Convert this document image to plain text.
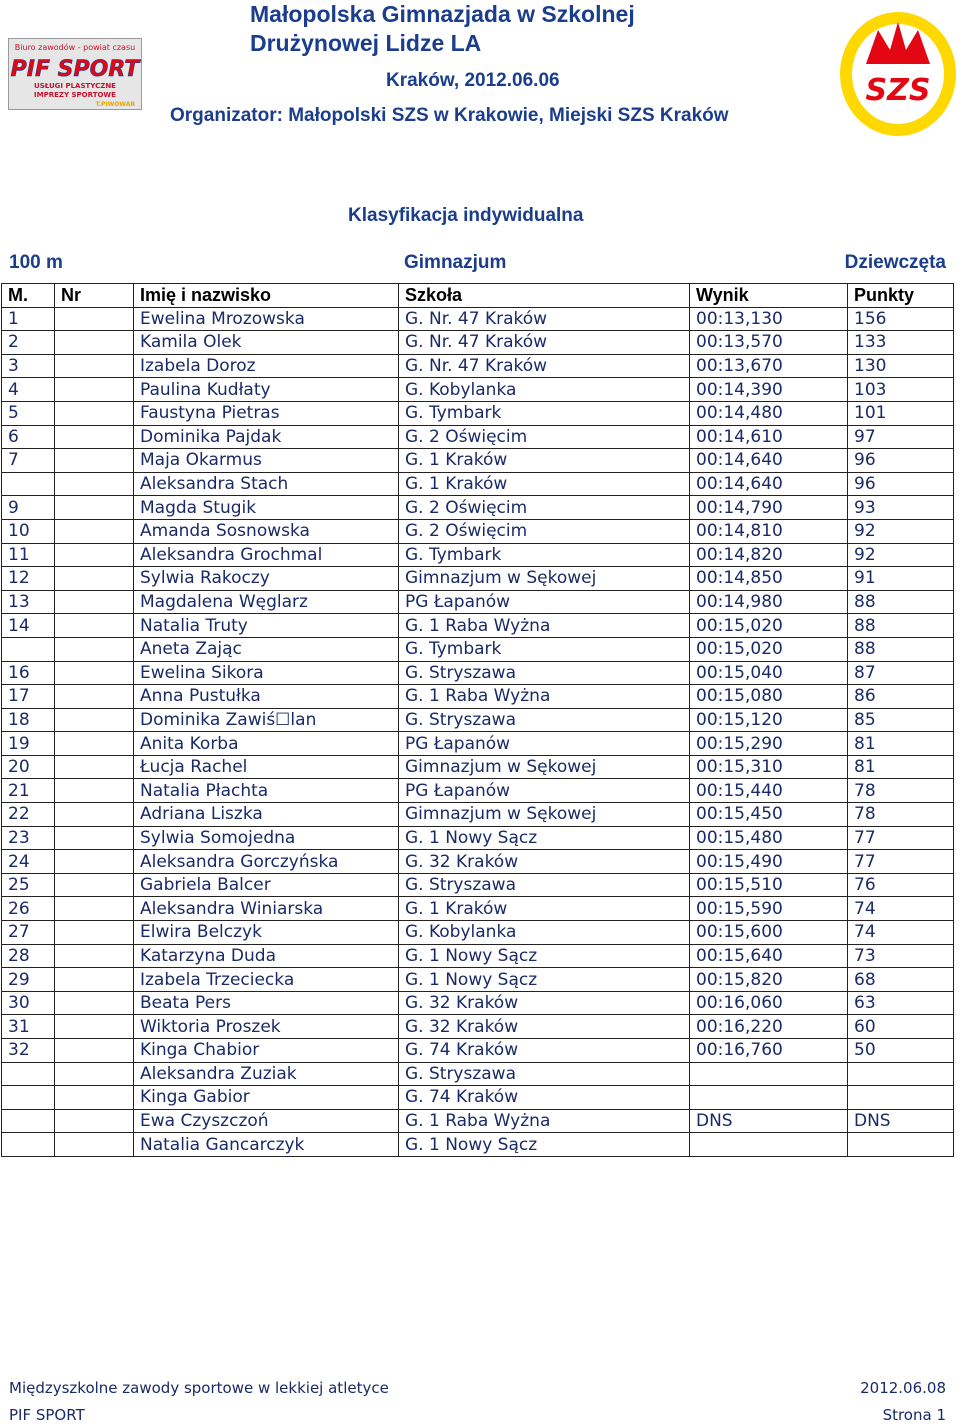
Biuro zawodów - powiat czasu
PIF SPORT
USŁUGI PLASTYCZNE
IMPREZY SPORTOWE
T.PIWOWAR	SZS
Małopolska Gimnazjada w Szkolnej Drużynowej Lidze LA
Kraków, 2012.06.06
Organizator: Małopolski SZS w Krakowie, Miejski SZS Kraków
Klasyfikacja indywidualna
100 m	Gimnazjum	Dziewczęta
M.	Nr	Imię i nazwisko	Szkoła	Wynik	Punkty
1		Ewelina Mrozowska	G. Nr. 47 Kraków	00:13,130	156
2		Kamila Olek	G. Nr. 47 Kraków	00:13,570	133
3		Izabela Doroz	G. Nr. 47 Kraków	00:13,670	130
4		Paulina Kudłaty	G. Kobylanka	00:14,390	103
5		Faustyna Pietras	G. Tymbark	00:14,480	101
6		Dominika Pajdak	G. 2 Oświęcim	00:14,610	97
7		Maja Okarmus	G. 1 Kraków	00:14,640	96
		Aleksandra Stach	G. 1 Kraków	00:14,640	96
9		Magda Stugik	G. 2 Oświęcim	00:14,790	93
10		Amanda Sosnowska	G. 2 Oświęcim	00:14,810	92
11		Aleksandra Grochmal	G. Tymbark	00:14,820	92
12		Sylwia Rakoczy	Gimnazjum w Sękowej	00:14,850	91
13		Magdalena Węglarz	PG Łapanów	00:14,980	88
14		Natalia Truty	G. 1 Raba Wyżna	00:15,020	88
		Aneta Zając	G. Tymbark	00:15,020	88
16		Ewelina Sikora	G. Stryszawa	00:15,040	87
17		Anna Pustułka	G. 1 Raba Wyżna	00:15,080	86
18		Dominika Zawiś☐lan	G. Stryszawa	00:15,120	85
19		Anita Korba	PG Łapanów	00:15,290	81
20		Łucja Rachel	Gimnazjum w Sękowej	00:15,310	81
21		Natalia Płachta	PG Łapanów	00:15,440	78
22		Adriana Liszka	Gimnazjum w Sękowej	00:15,450	78
23		Sylwia Somojedna	G. 1 Nowy Sącz	00:15,480	77
24		Aleksandra Gorczyńska	G. 32 Kraków	00:15,490	77
25		Gabriela Balcer	G. Stryszawa	00:15,510	76
26		Aleksandra Winiarska	G. 1 Kraków	00:15,590	74
27		Elwira Belczyk	G. Kobylanka	00:15,600	74
28		Katarzyna Duda	G. 1 Nowy Sącz	00:15,640	73
29		Izabela Trzeciecka	G. 1 Nowy Sącz	00:15,820	68
30		Beata Pers	G. 32 Kraków	00:16,060	63
31		Wiktoria Proszek	G. 32 Kraków	00:16,220	60
32		Kinga Chabior	G. 74 Kraków	00:16,760	50
		Aleksandra Zuziak	G. Stryszawa		
		Kinga Gabior	G. 74 Kraków		
		Ewa Czyszczoń	G. 1 Raba Wyżna	DNS	DNS
		Natalia Gancarczyk	G. 1 Nowy Sącz		
Międzyszkolne zawody sportowe w lekkiej atletyce	2012.06.08
PIF SPORT	Strona 1
